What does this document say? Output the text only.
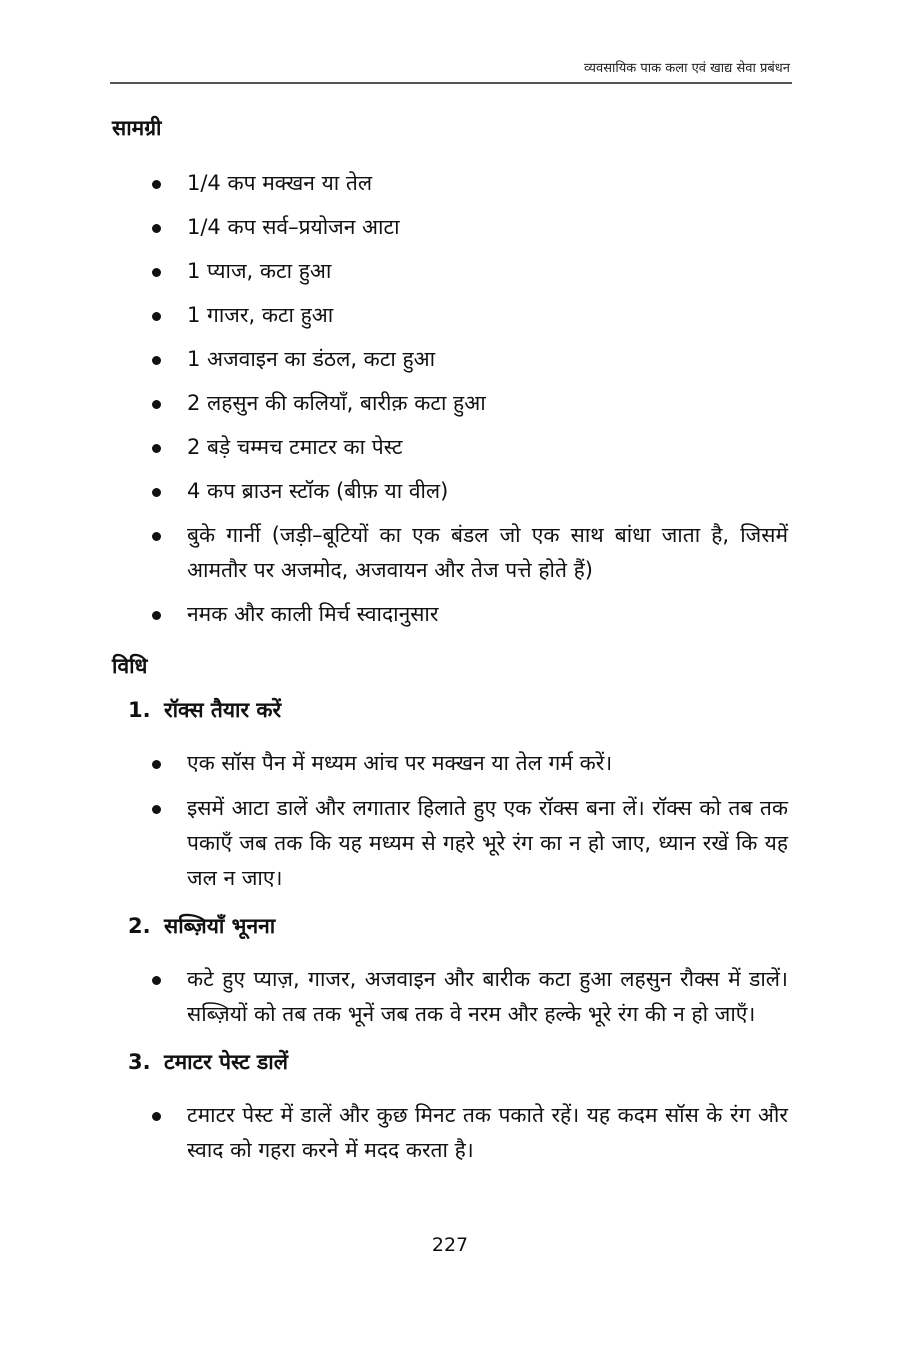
व्यवसायिक पाक कला एवं खाद्य सेवा प्रबंधन
सामग्री
1/4 कप मक्खन या तेल
1/4 कप सर्व–प्रयोजन आटा
1 प्याज, कटा हुआ
1 गाजर, कटा हुआ
1 अजवाइन का डंठल, कटा हुआ
2 लहसुन की कलियाँ, बारीक़ कटा हुआ
2 बड़े चम्मच टमाटर का पेस्ट
4 कप ब्राउन स्टॉक (बीफ़ या वील)
बुके गार्नी (जड़ी–बूटियों का एक बंडल जो एक साथ बांधा जाता है, जिसमें आमतौर पर अजमोद, अजवायन और तेज पत्ते होते हैं)
नमक और काली मिर्च स्वादानुसार
विधि
1. रॉक्स तैयार करें
एक सॉस पैन में मध्यम आंच पर मक्खन या तेल गर्म करें।
इसमें आटा डालें और लगातार हिलाते हुए एक रॉक्स बना लें। रॉक्स को तब तक पकाएँ जब तक कि यह मध्यम से गहरे भूरे रंग का न हो जाए, ध्यान रखें कि यह जल न जाए।
2. सब्ज़ियाँ भूनना
कटे हुए प्याज़, गाजर, अजवाइन और बारीक कटा हुआ लहसुन रौक्स में डालें। सब्ज़ियों को तब तक भूनें जब तक वे नरम और हल्के भूरे रंग की न हो जाएँ।
3. टमाटर पेस्ट डालें
टमाटर पेस्ट में डालें और कुछ मिनट तक पकाते रहें। यह कदम सॉस के रंग और स्वाद को गहरा करने में मदद करता है।
227
